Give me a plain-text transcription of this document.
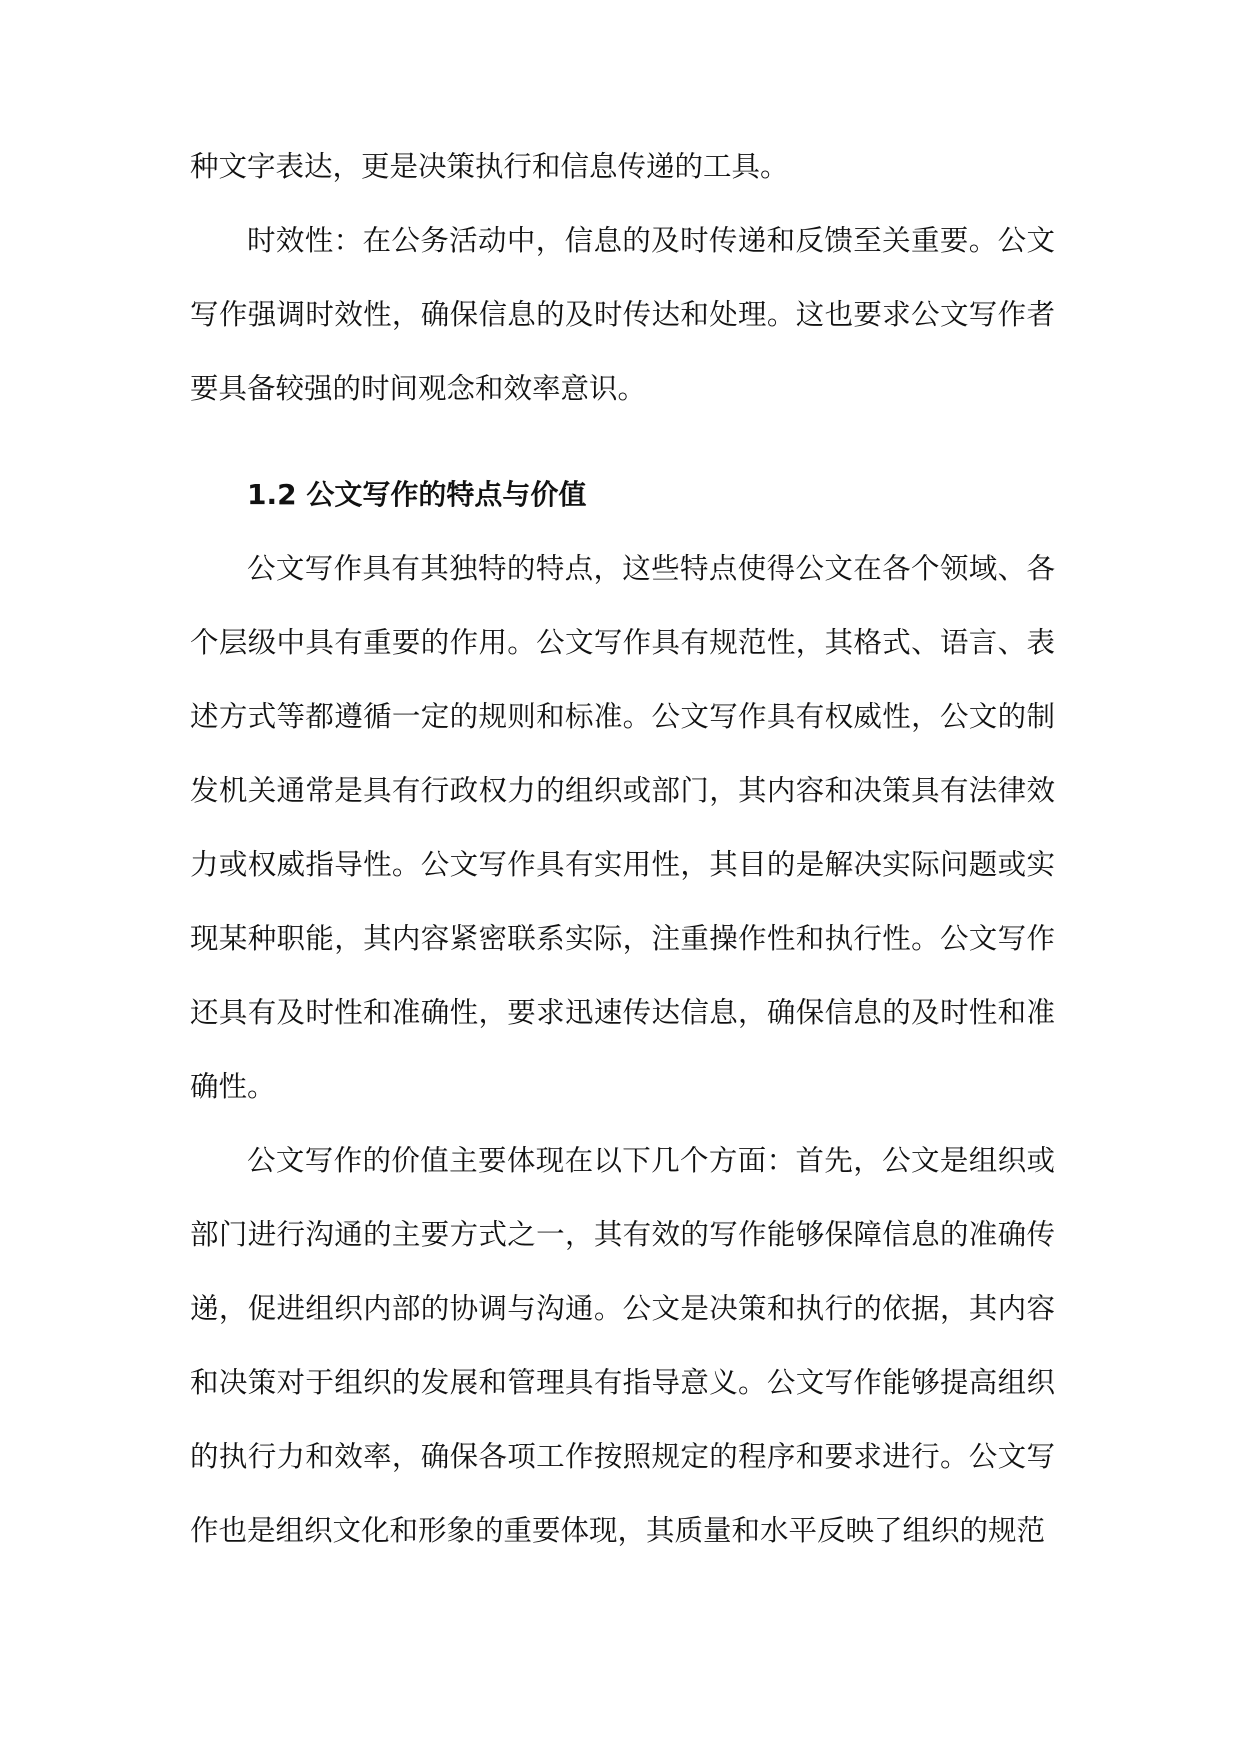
种文字表达，更是决策执行和信息传递的工具。

时效性：在公务活动中，信息的及时传递和反馈至关重要。公文写作强调时效性，确保信息的及时传达和处理。这也要求公文写作者要具备较强的时间观念和效率意识。

1.2 公文写作的特点与价值

公文写作具有其独特的特点，这些特点使得公文在各个领域、各个层级中具有重要的作用。公文写作具有规范性，其格式、语言、表述方式等都遵循一定的规则和标准。公文写作具有权威性，公文的制发机关通常是具有行政权力的组织或部门，其内容和决策具有法律效力或权威指导性。公文写作具有实用性，其目的是解决实际问题或实现某种职能，其内容紧密联系实际，注重操作性和执行性。公文写作还具有及时性和准确性，要求迅速传达信息，确保信息的及时性和准确性。

公文写作的价值主要体现在以下几个方面：首先，公文是组织或部门进行沟通的主要方式之一，其有效的写作能够保障信息的准确传递，促进组织内部的协调与沟通。公文是决策和执行的依据，其内容和决策对于组织的发展和管理具有指导意义。公文写作能够提高组织的执行力和效率，确保各项工作按照规定的程序和要求进行。公文写作也是组织文化和形象的重要体现，其质量和水平反映了组织的规范
